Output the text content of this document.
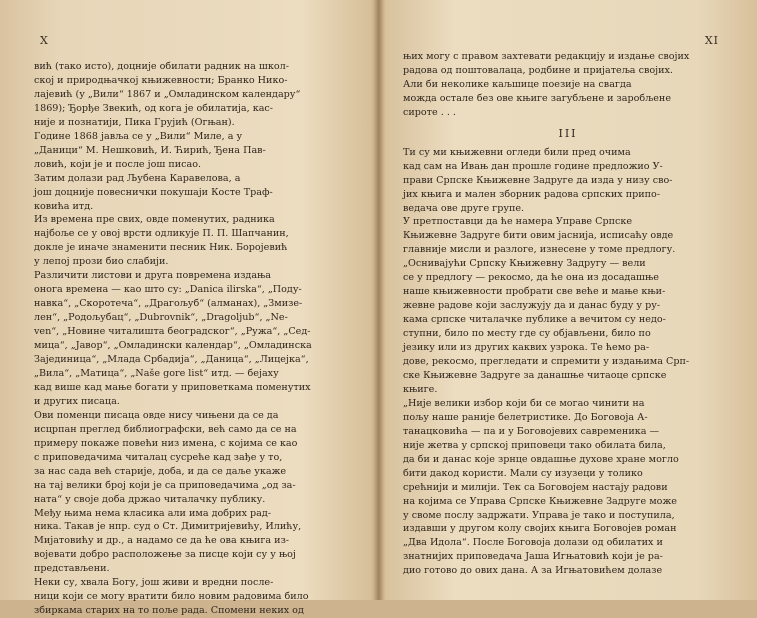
X
вић (тако исто), доцније обилати радник на школ-
ској и природњачкој књижевности; Бранко Нико-
лајевић (у „Вили“ 1867 и „Омладинском календару“
1869); Ђорђе Звекић, од кога је обилатија, кас-
није и познатији, Пика Грујић (Огњан).
Године 1868 јавља се у „Вили“ Миле, а у
„Даници“ М. Нешковић, И. Ћирић, Ђена Пав-
ловић, који је и после још писао.
Затим долази рад Љубена Каравелова, а
још доцније повеснички покушаји Косте Траф-
ковића итд.
Из времена пре свих, овде поменутих, радника
најбоље се у овој врсти одликује П. П. Шапчанин,
докле је иначе знаменити песник Ник. Боројевић
у лепој прози био слабији.
Различити листови и друга повремена издања
онога времена — као што су: „Danica ilirska“, „Поду-
навка“, „Скоротеча“, „Драгољуб“ (алманах), „Змизе-
лен“, „Родољубац“, „Dubrovnik“, „Dragoljub“, „Ne-
ven“, „Новине читалишта београдског“, „Ружа“, „Сед-
мица“, „Јавор“, „Омладински календар“, „Омладинска
Зајединица“, „Млада Србадија“, „Даница“, „Лицејка“,
„Вила“, „Матица“, „Naše gore list“ итд. — бејаху
кад више кад мање богати у приповеткама поменутих
и других писаца.
Ови поменци писаца овде нису чињени да се да
исцрпан преглед библиографски, већ само да се на
примеру покаже повећи низ имена, с којима се као
с приповедачима читалац сусреће кад зађе у то,
за нас сада већ старије, доба, и да се даље укаже
на тај велики број који је са приповедачима „од за-
ната“ у своје доба држао читалачку публику.
Међу њима нема класика али има добрих рад-
ника. Такав је нпр. суд о Ст. Димитријевићу, Илићу,
Мијатовићу и др., а надамо се да ће ова књига из-
војевати добро расположење за писце који су у њој
представљени.
Неки су, хвала Богу, још живи и вредни послe-
ници који се могу вратити било новим радовима било
збиркама старих на то поље рада. Спомени неких од
XI
њих могу с правом захтевати редакцију и издање својих
радова од поштовалаца, родбине и пријатеља својих.
Али би неколике каљшице поезије на свагда
можда остале без ове књиге загубљене и заробљене
сироте . . .
III
Ти су ми књижевни огледи били пред очима
кад сам на Ивањ дан прошле године предложио У-
прави Српске Књижевне Задруге да изда у низу сво-
јих књига и мален зборник радова српских припо-
ведача ове друге групе.
У претпоставци да ће намера Управе Српске
Књижевне Задруге бити овим јаснија, исписаћу овде
главније мисли и разлоге, изнесене у томе предлогу.
„Оснивајући Српску Књижевну Задругу — вели
се у предлогу — рекосмо, да ће она из досадашње
наше књижевности пробрати све веће и мање књи-
жевне радове који заслужују да и данас буду у ру-
кама српске читалачке публике а вечитом су недо-
ступни, било по месту где су објављени, било по
језику или из других каквих узрока. Те ћемо ра-
дове, рекосмо, прегледати и спремити у издањима Срп-
ске Књижевне Задруге за данашње читаоце српске
књиге.
„Није велики избор који би се могао чинити на
пољу наше раније белетристике. До Боговоја А-
танацковића — па и у Боговојевих савременика —
није жетва у српској приповеци тако обилата била,
да би и данас које зрнце овдашње духове хране могло
бити дакод користи. Мали су изузеци у толико
срећнији и милији. Тек са Боговојем настају радови
на којима се Управа Српске Књижевне Задруге може
у своме послу задржати. Управа је тако и поступила,
издавши у другом колу својих књига Боговојев роман
„Два Идола“. После Боговоја долази од обилатих и
знатнијих приповедача Јаша Игњатовић који је ра-
дио готово до ових дана. А за Игњатовићем долазе
